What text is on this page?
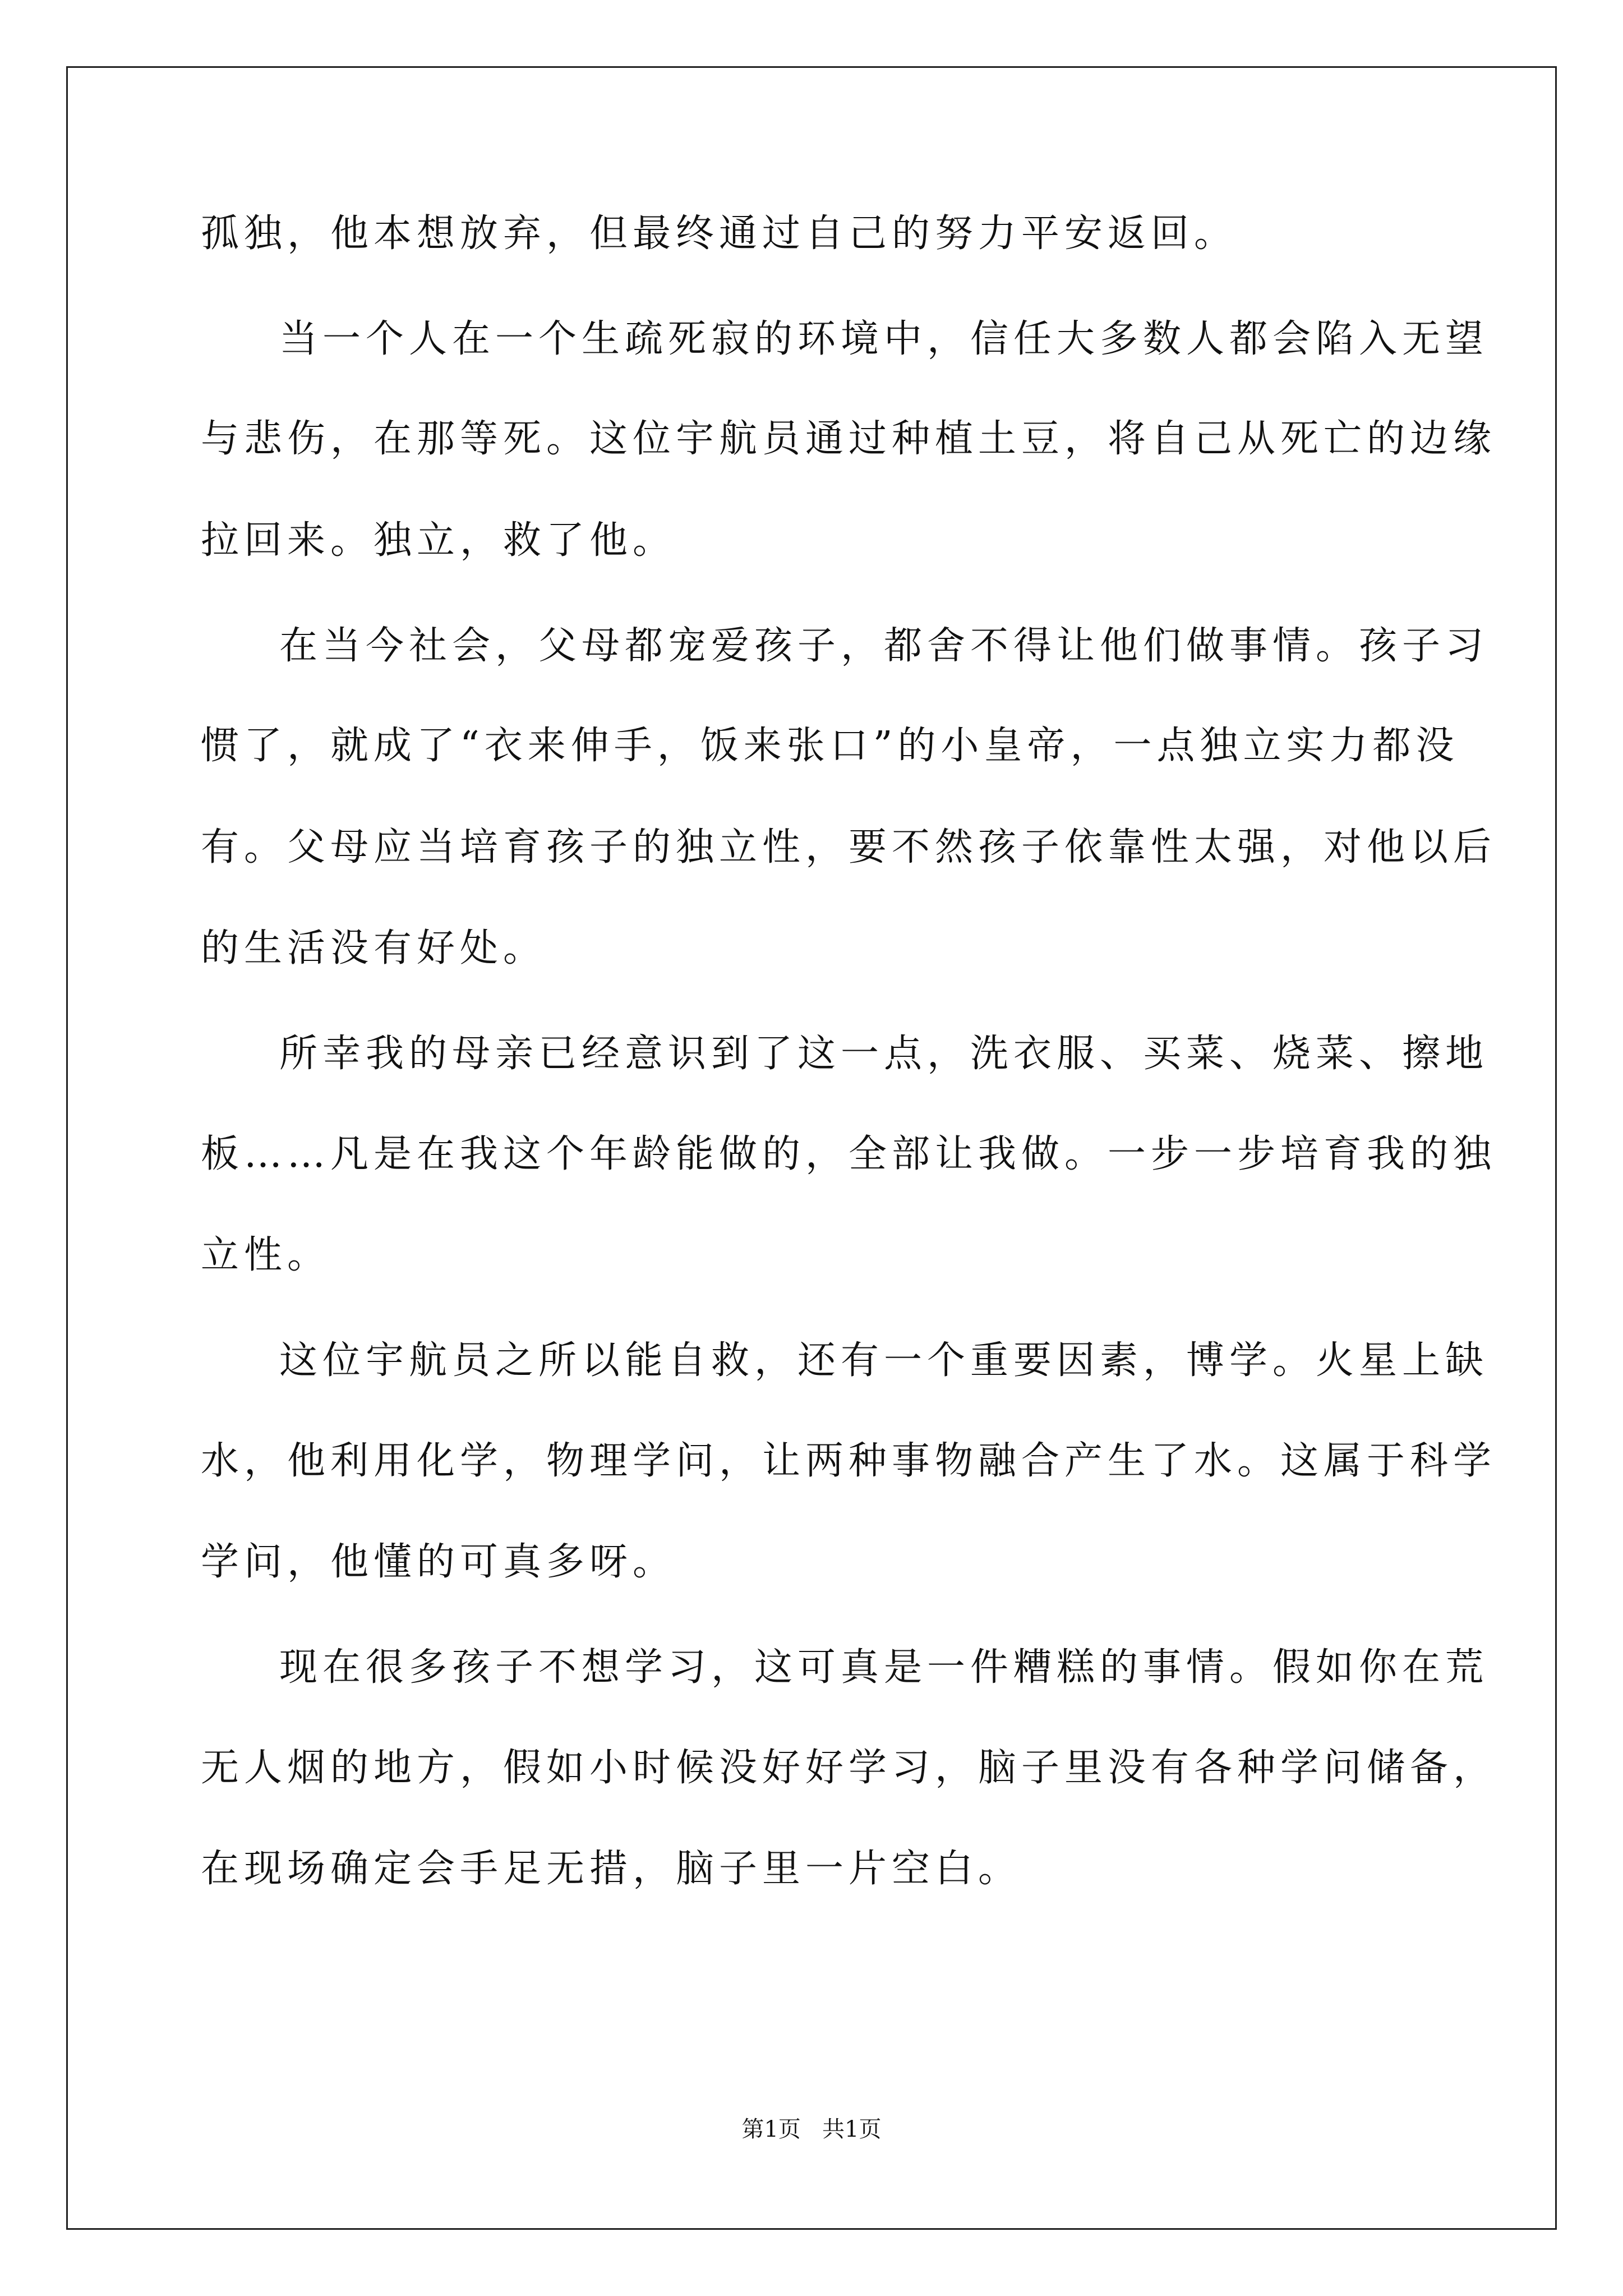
孤独，他本想放弃，但最终通过自己的努力平安返回。
当一个人在一个生疏死寂的环境中，信任大多数人都会陷入无望
与悲伤，在那等死。这位宇航员通过种植土豆，将自己从死亡的边缘
拉回来。独立，救了他。
在当今社会，父母都宠爱孩子，都舍不得让他们做事情。孩子习
惯了，就成了“衣来伸手，饭来张口”的小皇帝，一点独立实力都没
有。父母应当培育孩子的独立性，要不然孩子依靠性太强，对他以后
的生活没有好处。
所幸我的母亲已经意识到了这一点，洗衣服、买菜、烧菜、擦地
板……凡是在我这个年龄能做的，全部让我做。一步一步培育我的独
立性。
这位宇航员之所以能自救，还有一个重要因素，博学。火星上缺
水，他利用化学，物理学问，让两种事物融合产生了水。这属于科学
学问，他懂的可真多呀。
现在很多孩子不想学习，这可真是一件糟糕的事情。假如你在荒
无人烟的地方，假如小时候没好好学习，脑子里没有各种学问储备，
在现场确定会手足无措，脑子里一片空白。
第1页   共1页
